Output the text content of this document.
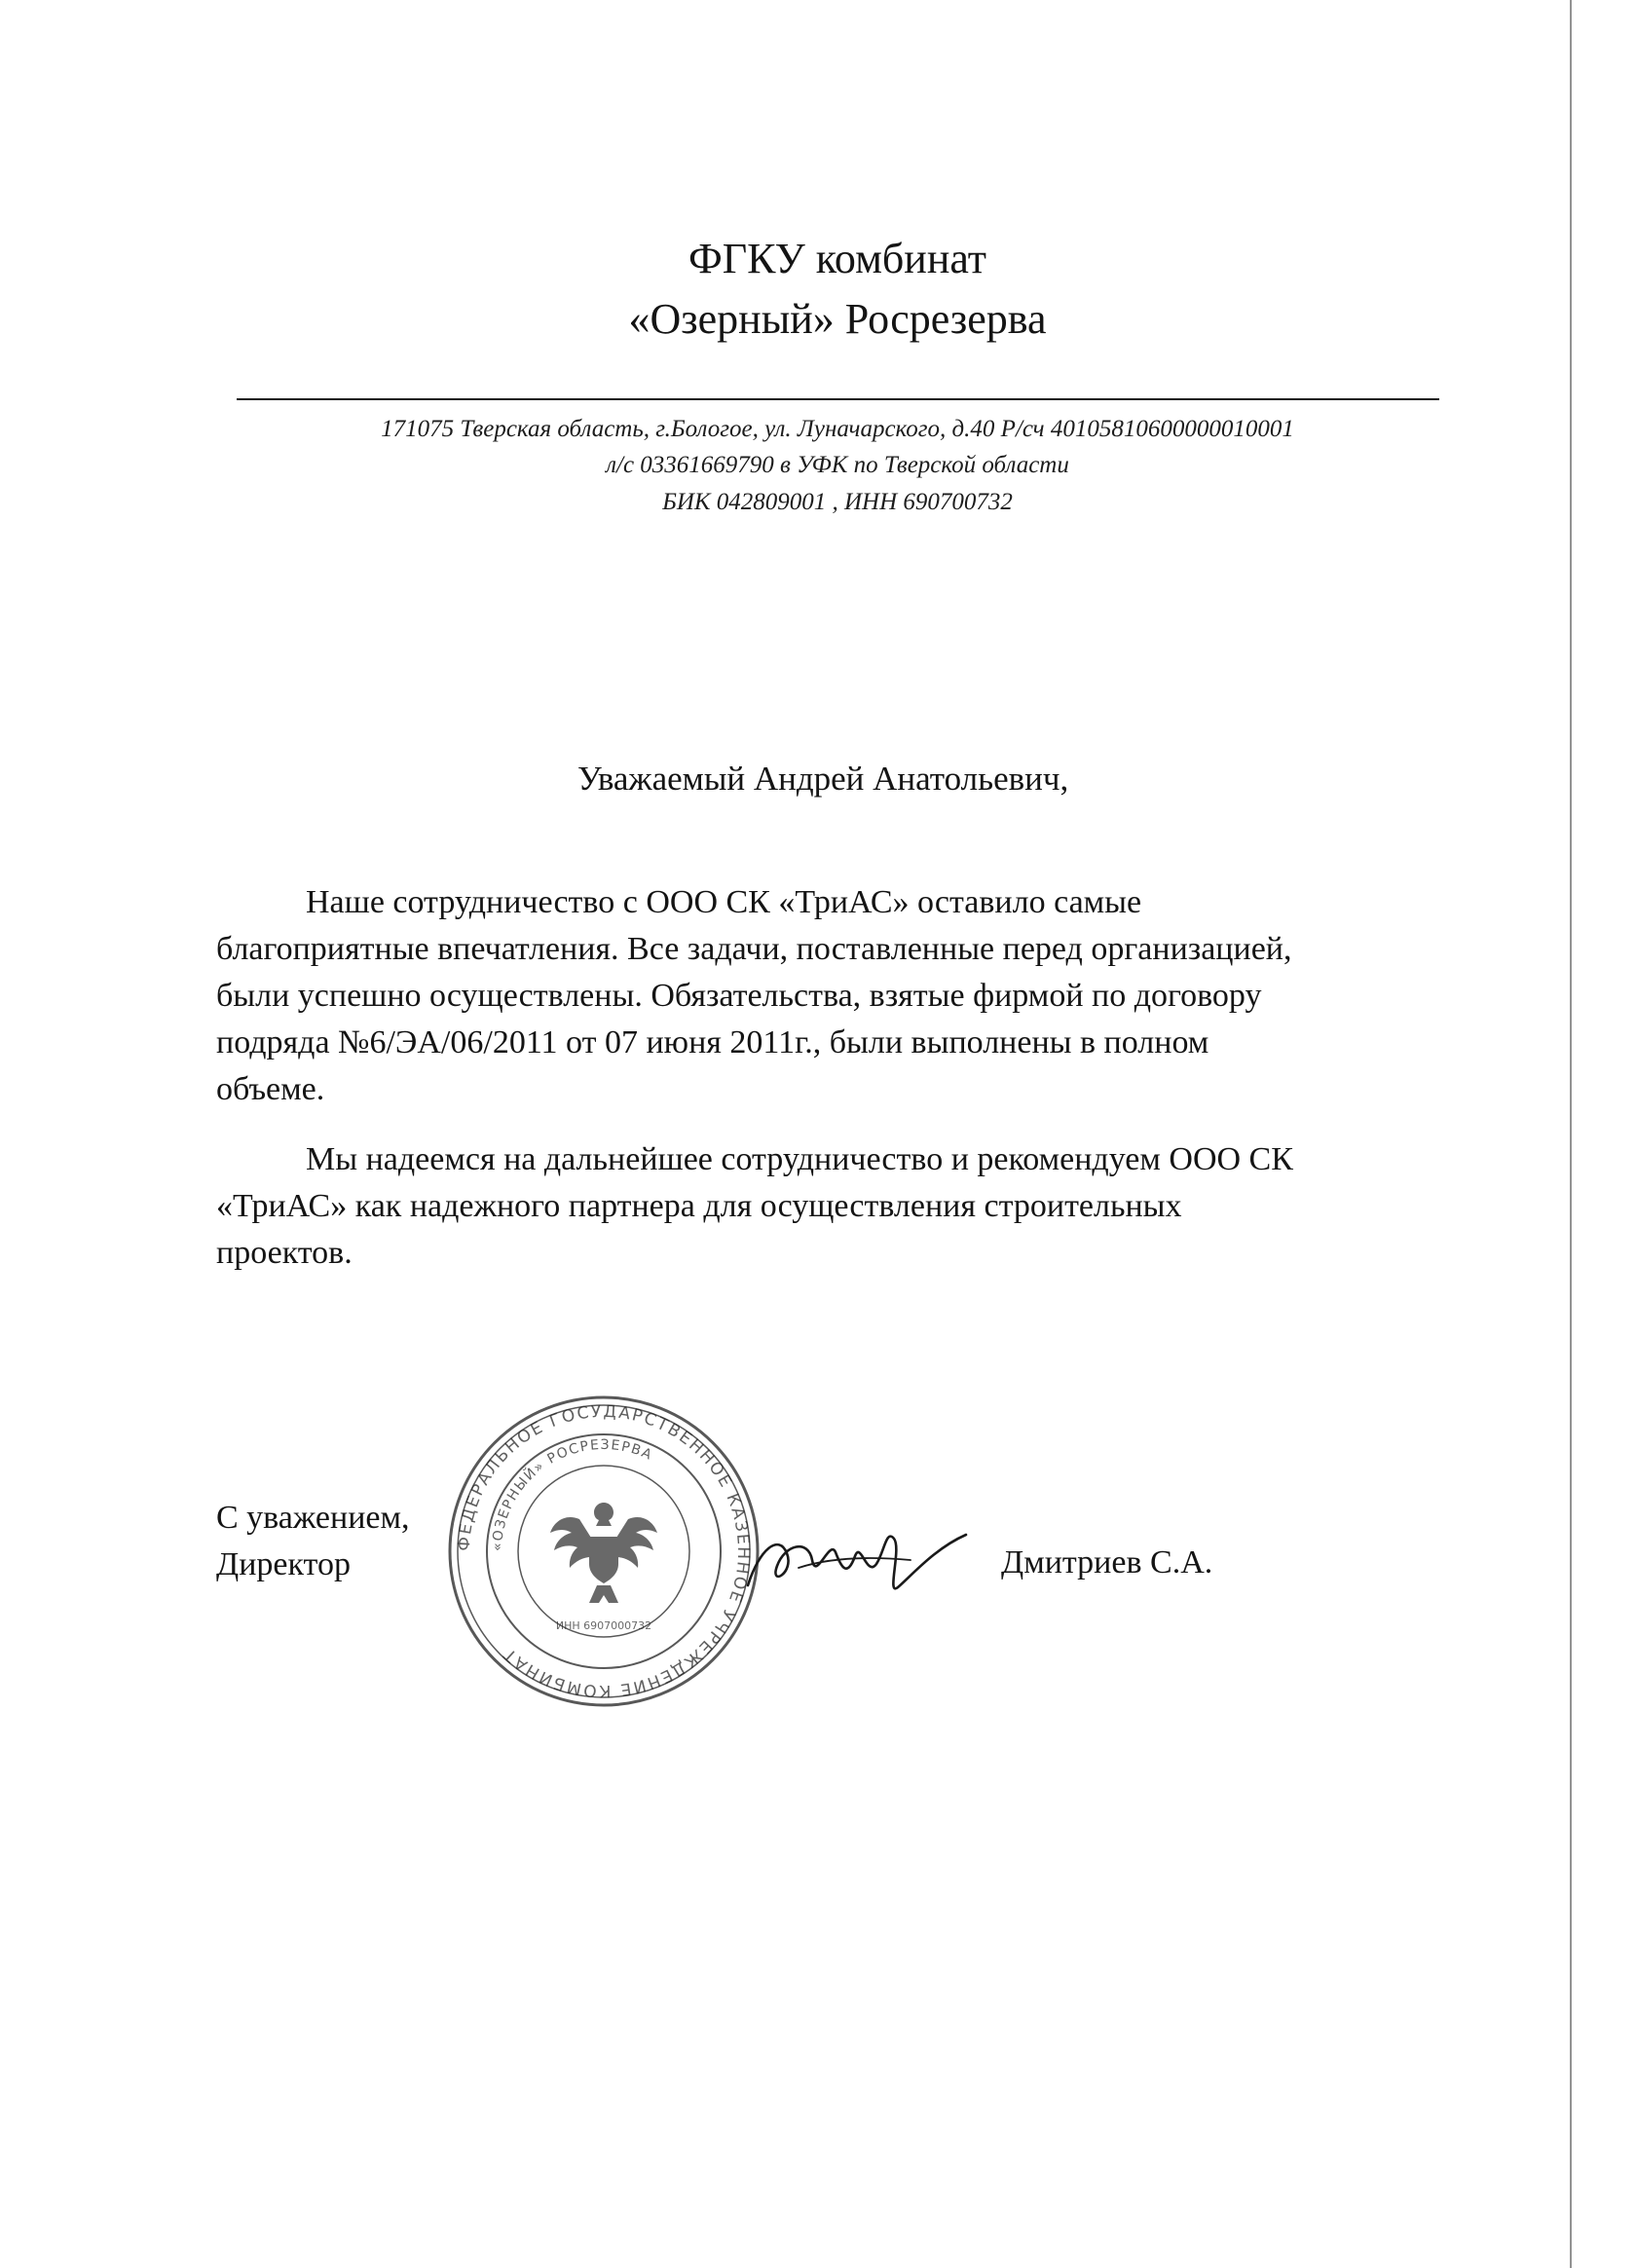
ФГКУ комбинат
«Озерный» Росрезерва
171075 Тверская область, г.Бологое, ул. Луначарского, д.40 Р/сч 40105810600000010001
л/с 03361669790 в УФК по Тверской области
БИК 042809001 , ИНН 690700732
Уважаемый Андрей Анатольевич,
Наше сотрудничество с ООО СК «ТриАС» оставило самые
благоприятные впечатления. Все задачи, поставленные перед организацией,
были успешно осуществлены. Обязательства, взятые фирмой по договору
подряда №6/ЭА/06/2011 от 07 июня 2011г., были выполнены в полном
объеме.
Мы надеемся на дальнейшее сотрудничество и рекомендуем ООО СК
«ТриАС» как надежного партнера для осуществления строительных
проектов.
С уважением,
Директор
ФЕДЕРАЛЬНОЕ ГОСУДАРСТВЕННОЕ КАЗЕННОЕ УЧРЕЖДЕНИЕ КОМБИНАТ
«ОЗЕРНЫЙ» РОСРЕЗЕРВА
ИНН 6907000732
Дмитриев С.А.
